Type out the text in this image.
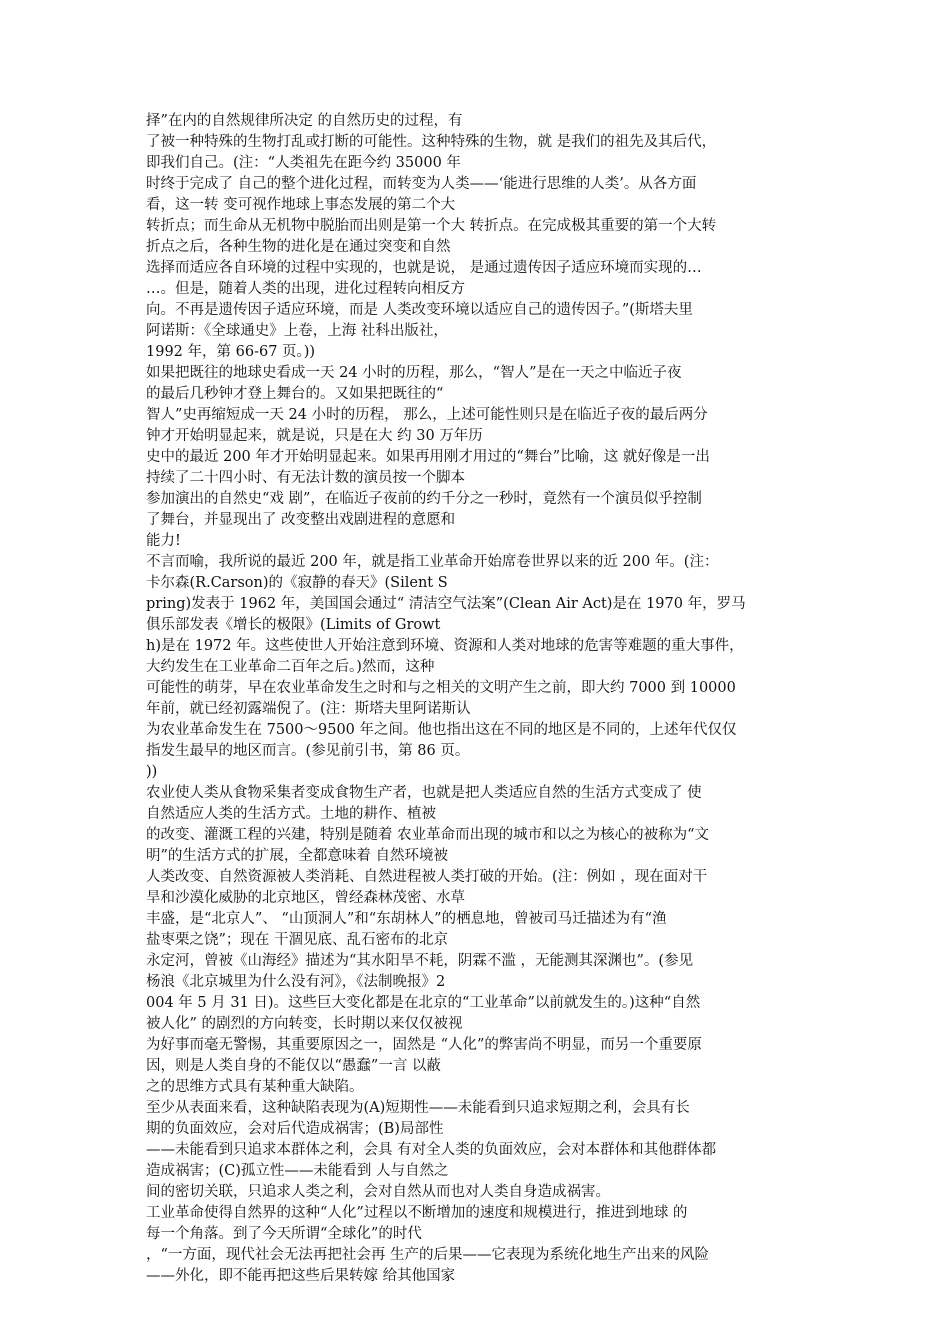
择”在内的自然规律所决定 的自然历史的过程，有
了被一种特殊的生物打乱或打断的可能性。这种特殊的生物，就 是我们的祖先及其后代，
即我们自己。(注：“人类祖先在距今约 35000 年
时终于完成了 自己的整个进化过程，而转变为人类——‘能进行思维的人类’。从各方面
看，这一转 变可视作地球上事态发展的第二个大
转折点；而生命从无机物中脱胎而出则是第一个大 转折点。在完成极其重要的第一个大转
折点之后，各种生物的进化是在通过突变和自然
选择而适应各自环境的过程中实现的，也就是说， 是通过遗传因子适应环境而实现的…
…。但是，随着人类的出现，进化过程转向相反方
向。不再是遗传因子适应环境，而是 人类改变环境以适应自己的遗传因子。”(斯塔夫里
阿诺斯：《全球通史》上卷，上海 社科出版社，
1992 年，第 66-67 页。))
如果把既往的地球史看成一天 24 小时的历程，那么，“智人”是在一天之中临近子夜
的最后几秒钟才登上舞台的。又如果把既往的“
智人”史再缩短成一天 24 小时的历程， 那么，上述可能性则只是在临近子夜的最后两分
钟才开始明显起来，就是说，只是在大 约 30 万年历
史中的最近 200 年才开始明显起来。如果再用刚才用过的“舞台”比喻，这 就好像是一出
持续了二十四小时、有无法计数的演员按一个脚本
参加演出的自然史“戏 剧”，在临近子夜前的约千分之一秒时，竟然有一个演员似乎控制
了舞台，并显现出了 改变整出戏剧进程的意愿和
能力!
不言而喻，我所说的最近 200 年，就是指工业革命开始席卷世界以来的近 200 年。(注：
卡尔森(R.Carson)的《寂静的春天》(Silent S
pring)发表于 1962 年，美国国会通过“ 清洁空气法案”(Clean Air Act)是在 1970 年，罗马
俱乐部发表《增长的极限》(Limits of Growt
h)是在 1972 年。这些使世人开始注意到环境、资源和人类对地球的危害等难题的重大事件，
大约发生在工业革命二百年之后。)然而，这种
可能性的萌芽，早在农业革命发生之时和与之相关的文明产生之前，即大约 7000 到 10000
年前，就已经初露端倪了。(注：斯塔夫里阿诺斯认
为农业革命发生在 7500～9500 年之间。他也指出这在不同的地区是不同的，上述年代仅仅
指发生最早的地区而言。(参见前引书，第 86 页。
))
农业使人类从食物采集者变成食物生产者，也就是把人类适应自然的生活方式变成了 使
自然适应人类的生活方式。土地的耕作、植被
的改变、灌溉工程的兴建，特别是随着 农业革命而出现的城市和以之为核心的被称为“文
明”的生活方式的扩展，全都意味着 自然环境被
人类改变、自然资源被人类消耗、自然进程被人类打破的开始。(注：例如 ，现在面对干
旱和沙漠化威胁的北京地区，曾经森林茂密、水草
丰盛，是“北京人”、 “山顶洞人”和“东胡林人”的栖息地，曾被司马迁描述为有“渔
盐枣栗之饶”；现在 干涸见底、乱石密布的北京
永定河，曾被《山海经》描述为“其水阳旱不耗，阴霖不滥 ，无能测其深渊也”。(参见
杨浪《北京城里为什么没有河》，《法制晚报》2
004 年 5 月 31 日)。这些巨大变化都是在北京的“工业革命”以前就发生的。)这种“自然
被人化” 的剧烈的方向转变，长时期以来仅仅被视
为好事而毫无警惕，其重要原因之一，固然是 “人化”的弊害尚不明显，而另一个重要原
因，则是人类自身的不能仅以“愚蠢”一言 以蔽
之的思维方式具有某种重大缺陷。
至少从表面来看，这种缺陷表现为(A)短期性——未能看到只追求短期之利，会具有长
期的负面效应，会对后代造成祸害；(B)局部性
——未能看到只追求本群体之利，会具 有对全人类的负面效应，会对本群体和其他群体都
造成祸害；(C)孤立性——未能看到 人与自然之
间的密切关联，只追求人类之利，会对自然从而也对人类自身造成祸害。
工业革命使得自然界的这种“人化”过程以不断增加的速度和规模进行，推进到地球 的
每一个角落。到了今天所谓“全球化”的时代
，“一方面，现代社会无法再把社会再 生产的后果——它表现为系统化地生产出来的风险
——外化，即不能再把这些后果转嫁 给其他国家
